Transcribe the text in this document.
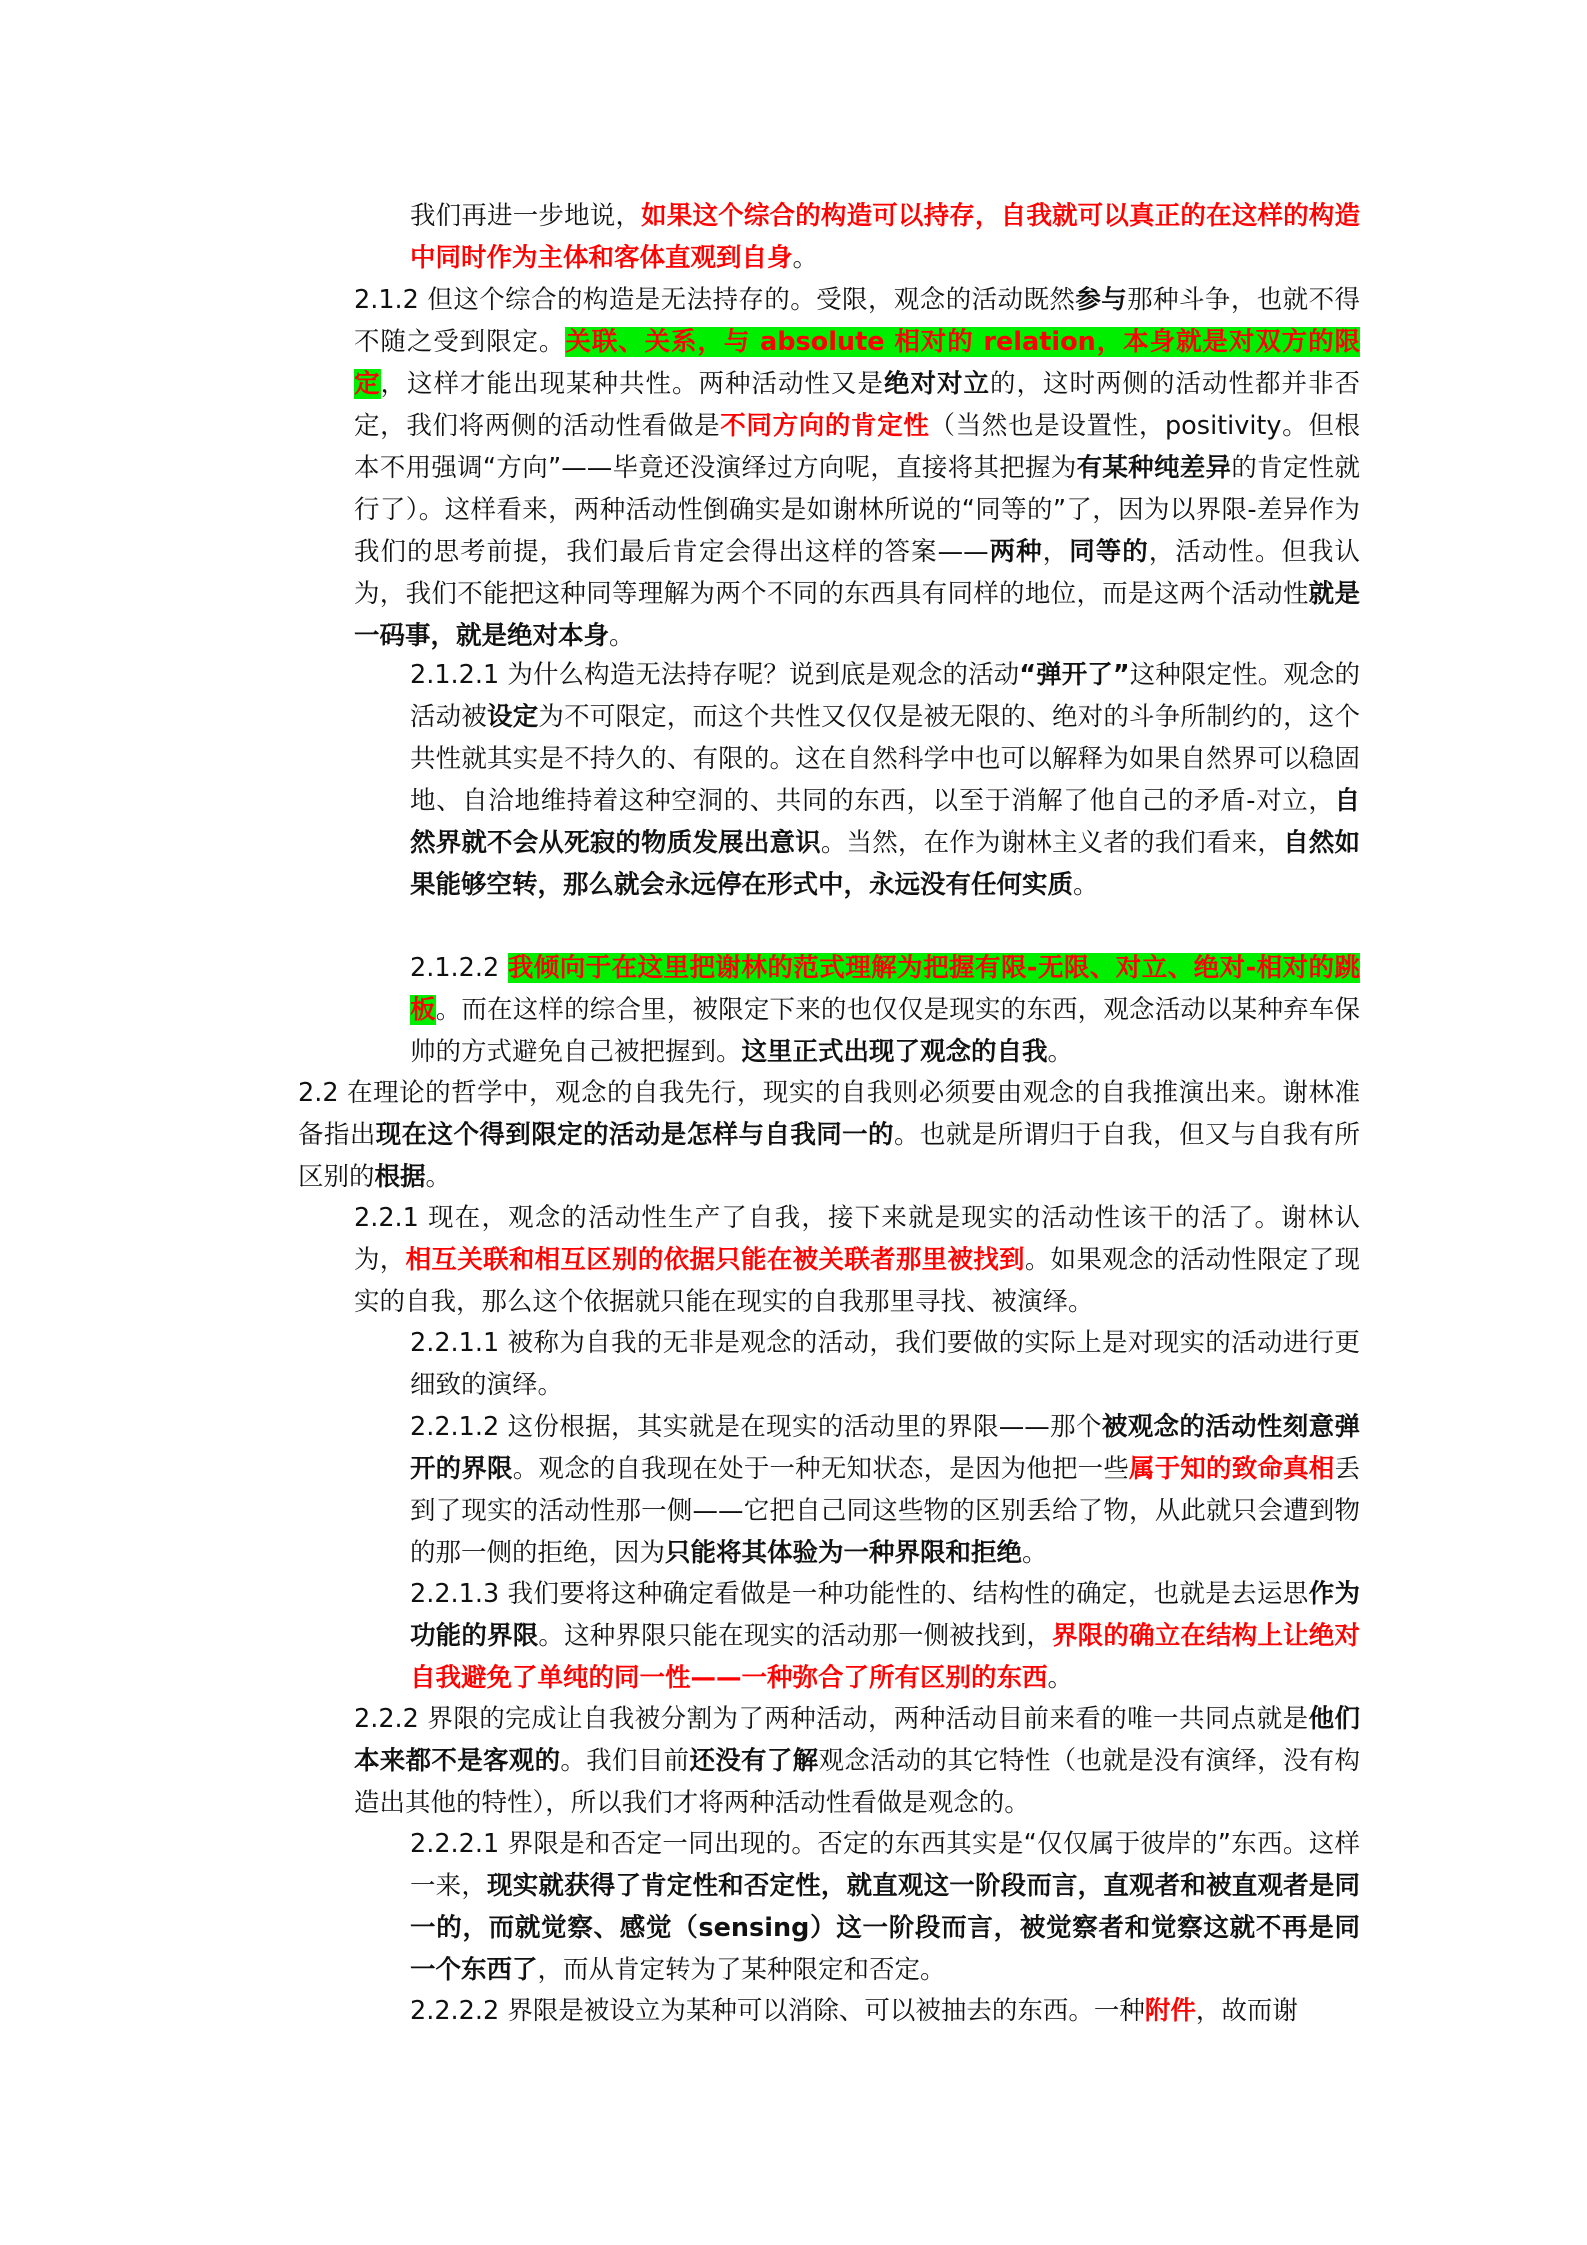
我们再进一步地说，如果这个综合的构造可以持存，自我就可以真正的在这样的构造中同时作为主体和客体直观到自身。
2.1.2 但这个综合的构造是无法持存的。受限，观念的活动既然参与那种斗争，也就不得不随之受到限定。关联、关系，与 absolute 相对的 relation，本身就是对双方的限定，这样才能出现某种共性。两种活动性又是绝对对立的，这时两侧的活动性都并非否定，我们将两侧的活动性看做是不同方向的肯定性（当然也是设置性，positivity。但根本不用强调“方向”——毕竟还没演绎过方向呢，直接将其把握为有某种纯差异的肯定性就行了）。这样看来，两种活动性倒确实是如谢林所说的“同等的”了，因为以界限-差异作为我们的思考前提，我们最后肯定会得出这样的答案——两种，同等的，活动性。但我认为，我们不能把这种同等理解为两个不同的东西具有同样的地位，而是这两个活动性就是一码事，就是绝对本身。
2.1.2.1 为什么构造无法持存呢？说到底是观念的活动“弹开了”这种限定性。观念的活动被设定为不可限定，而这个共性又仅仅是被无限的、绝对的斗争所制约的，这个共性就其实是不持久的、有限的。这在自然科学中也可以解释为如果自然界可以稳固地、自洽地维持着这种空洞的、共同的东西，以至于消解了他自己的矛盾-对立，自然界就不会从死寂的物质发展出意识。当然，在作为谢林主义者的我们看来，自然如果能够空转，那么就会永远停在形式中，永远没有任何实质。
2.1.2.2 我倾向于在这里把谢林的范式理解为把握有限-无限、对立、绝对-相对的跳板。而在这样的综合里，被限定下来的也仅仅是现实的东西，观念活动以某种弃车保帅的方式避免自己被把握到。这里正式出现了观念的自我。
2.2 在理论的哲学中，观念的自我先行，现实的自我则必须要由观念的自我推演出来。谢林准备指出现在这个得到限定的活动是怎样与自我同一的。也就是所谓归于自我，但又与自我有所区别的根据。
2.2.1 现在，观念的活动性生产了自我，接下来就是现实的活动性该干的活了。谢林认为，相互关联和相互区别的依据只能在被关联者那里被找到。如果观念的活动性限定了现实的自我，那么这个依据就只能在现实的自我那里寻找、被演绎。
2.2.1.1 被称为自我的无非是观念的活动，我们要做的实际上是对现实的活动进行更细致的演绎。
2.2.1.2 这份根据，其实就是在现实的活动里的界限——那个被观念的活动性刻意弹开的界限。观念的自我现在处于一种无知状态，是因为他把一些属于知的致命真相丢到了现实的活动性那一侧——它把自己同这些物的区别丢给了物，从此就只会遭到物的那一侧的拒绝，因为只能将其体验为一种界限和拒绝。
2.2.1.3 我们要将这种确定看做是一种功能性的、结构性的确定，也就是去运思作为功能的界限。这种界限只能在现实的活动那一侧被找到，界限的确立在结构上让绝对自我避免了单纯的同一性——一种弥合了所有区别的东西。
2.2.2 界限的完成让自我被分割为了两种活动，两种活动目前来看的唯一共同点就是他们本来都不是客观的。我们目前还没有了解观念活动的其它特性（也就是没有演绎，没有构造出其他的特性），所以我们才将两种活动性看做是观念的。
2.2.2.1 界限是和否定一同出现的。否定的东西其实是“仅仅属于彼岸的”东西。这样一来，现实就获得了肯定性和否定性，就直观这一阶段而言，直观者和被直观者是同一的，而就觉察、感觉（sensing）这一阶段而言，被觉察者和觉察这就不再是同一个东西了，而从肯定转为了某种限定和否定。
2.2.2.2 界限是被设立为某种可以消除、可以被抽去的东西。一种附件，故而谢
